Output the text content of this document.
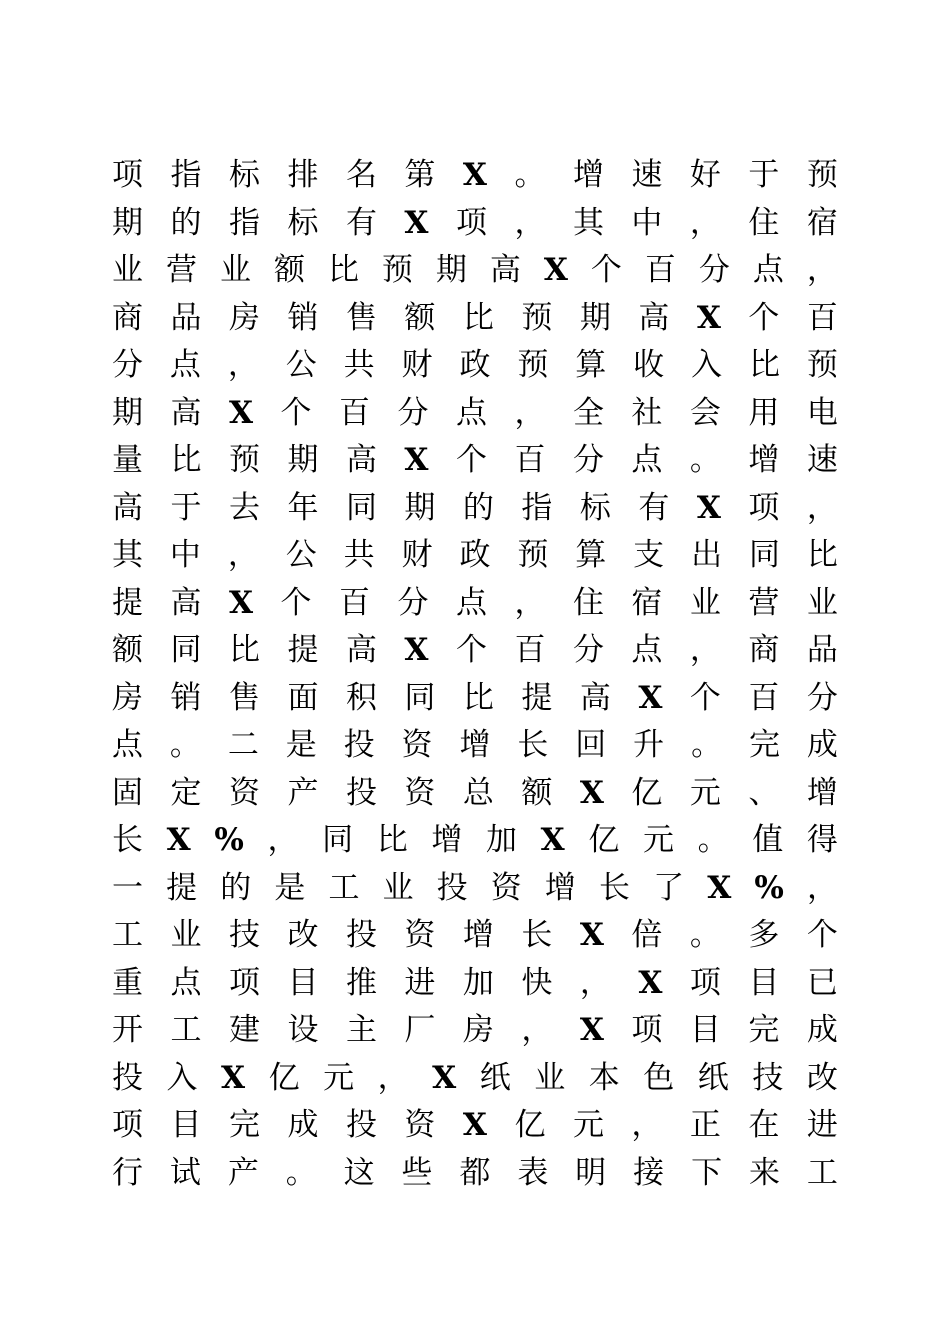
项 指 标 排 名 第 X 。 增 速 好 于 预
期 的 指 标 有 X 项 ， 其 中 ， 住 宿
业 营 业 额 比 预 期 高 X 个 百 分 点 ，
商 品 房 销 售 额 比 预 期 高 X 个 百
分 点 ， 公 共 财 政 预 算 收 入 比 预
期 高 X 个 百 分 点 ， 全 社 会 用 电
量 比 预 期 高 X 个 百 分 点 。 增 速
高 于 去 年 同 期 的 指 标 有 X 项 ，
其 中 ， 公 共 财 政 预 算 支 出 同 比
提 高 X 个 百 分 点 ， 住 宿 业 营 业
额 同 比 提 高 X 个 百 分 点 ， 商 品
房 销 售 面 积 同 比 提 高 X 个 百 分
点 。 二 是 投 资 增 长 回 升 。 完 成
固 定 资 产 投 资 总 额 X 亿 元 、 增
长 X % ， 同 比 增 加 X 亿 元 。 值 得
一 提 的 是 工 业 投 资 增 长 了 X % ，
工 业 技 改 投 资 增 长 X 倍 。 多 个
重 点 项 目 推 进 加 快 ， X 项 目 已
开 工 建 设 主 厂 房 ， X 项 目 完 成
投 入 X 亿 元 ， X 纸 业 本 色 纸 技 改
项 目 完 成 投 资 X 亿 元 ， 正 在 进
行 试 产 。 这 些 都 表 明 接 下 来 工
